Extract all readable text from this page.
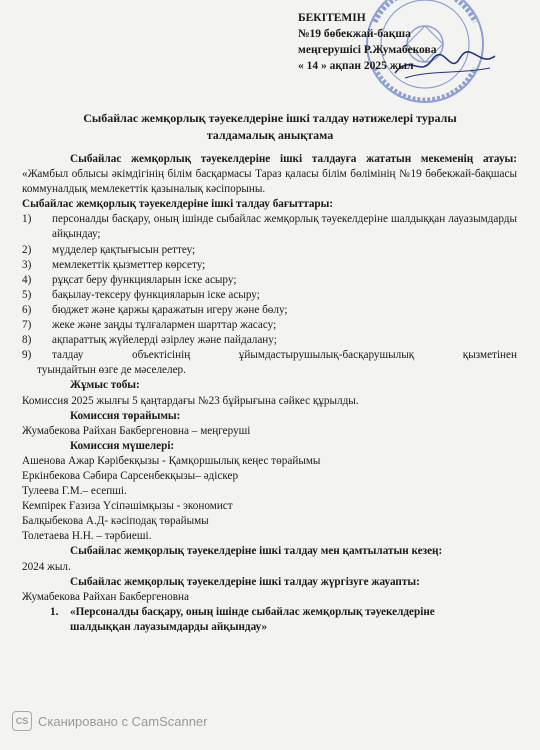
БЕКІТЕМІН
№19 бөбекжай-бақша
меңгерушісі Р.Жумабекова
« 14 » ақпан 2025 жыл
Сыбайлас жемқорлық тәуекелдеріне ішкі талдау нәтижелері туралы
талдамалық анықтама

Сыбайлас жемқорлық тәуекелдеріне ішкі талдауға жататын мекеменің атауы: «Жамбыл облысы әкімдігінің білім басқармасы Тараз қаласы білім бөлімінің №19 бөбекжай-бақшасы коммуналдық мемлекеттік қазыналық кәсіпорыны.

Сыбайлас жемқорлық тәуекелдеріне ішкі талдау бағыттары:

1)	персоналды басқару, оның ішінде сыбайлас жемқорлық тәуекелдеріне шалдыққан лауазымдарды айқындау;
2)	мүдделер қақтығысын реттеу;
3)	мемлекеттік қызметтер көрсету;
4)	рұқсат беру функцияларын іске асыру;
5)	бақылау-тексеру функцияларын іске асыру;
6)	бюджет және қаржы қаражатын игеру және бөлу;
7)	жеке және заңды тұлғалармен шарттар жасасу;
8)	ақпараттық жүйелерді әзірлеу және пайдалану;
9)	талдау объектісінің ұйымдастырушылық-басқарушылық қызметінен

туындайтын өзге де мәселелер.

Жұмыс тобы:

Комиссия 2025 жылғы 5 қаңтардағы №23 бұйрығына сәйкес құрылды.

Комиссия төрайымы:

Жумабекова Райхан Бакбергеновна – меңгеруші

Комиссия мүшелері:

Ашенова Ажар Кәрібекқызы - Қамқоршылық кеңес төрайымы

Еркінбекова Сәбира Сарсенбекқызы– әдіскер

Тулеева Г.М.– есепші.

Кемпірек Ғазиза Үсіпәшімқызы - экономист

Балқыбекова А.Д- кәсіподақ төрайымы

Толетаева Н.Н. – тәрбиеші.

Сыбайлас жемқорлық тәуекелдеріне ішкі талдау мен қамтылатын кезең:

2024 жыл.

Сыбайлас жемқорлық тәуекелдеріне ішкі талдау жүргізуге жауапты:

Жумабекова Райхан Бакбергеновна

1.	«Персоналды басқару, оның ішінде сыбайлас жемқорлық тәуекелдеріне
шалдыққан лауазымдарды айқындау»
CS Сканировано с CamScanner
